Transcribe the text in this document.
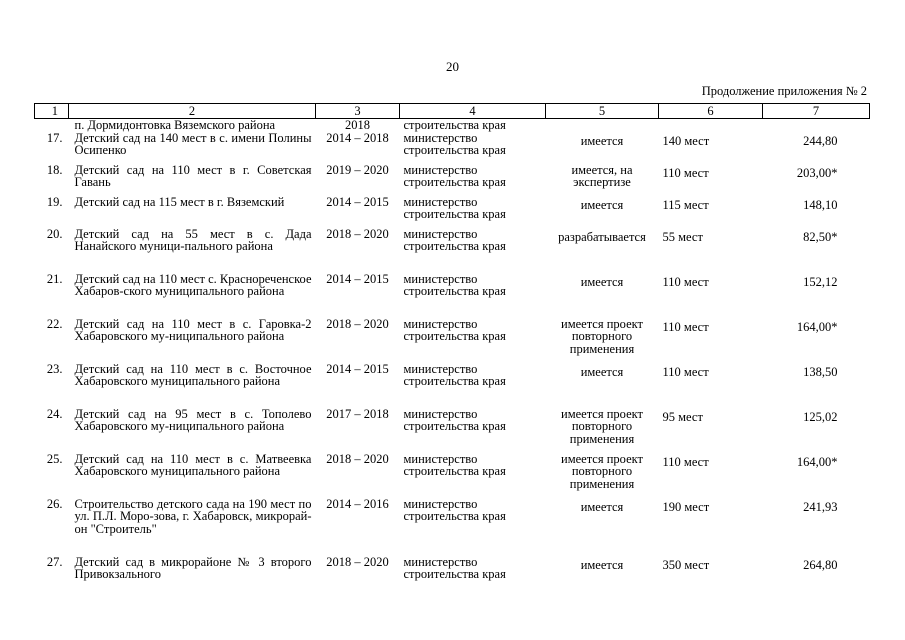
20
Продолжение приложения № 2
1	2	3	4	5	6	7
	п. Дормидонтовка Вяземского района	2018	строительства края			
17.	Детский сад на 140 мест в с. имени Полины Осипенко	2014 – 2018	министерство строительства края	имеется	140 мест	244,80
18.	Детский сад на 110 мест в г. Советская Гавань	2019 – 2020	министерство строительства края	имеется, на экспертизе	110 мест	203,00*
19.	Детский сад на 115 мест в г. Вяземский	2014 – 2015	министерство строительства края	имеется	115 мест	148,10
20.	Детский сад на 55 мест в с. Дада Нанайского муници-пального района	2018 – 2020	министерство строительства края	разрабатывается	55 мест	82,50*
21.	Детский сад на 110 мест с. Краснореченское Хабаров-ского муниципального района	2014 – 2015	министерство строительства края	имеется	110 мест	152,12
22.	Детский сад на 110 мест в с. Гаровка-2 Хабаровского му-ниципального района	2018 – 2020	министерство строительства края	имеется проект повторного применения	110 мест	164,00*
23.	Детский сад на 110 мест в с. Восточное Хабаровского муниципального района	2014 – 2015	министерство строительства края	имеется	110 мест	138,50
24.	Детский сад на 95 мест в с. Тополево Хабаровского му-ниципального района	2017 – 2018	министерство строительства края	имеется проект повторного применения	95 мест	125,02
25.	Детский сад на 110 мест в с. Матвеевка Хабаровского муниципального района	2018 – 2020	министерство строительства края	имеется проект повторного применения	110 мест	164,00*
26.	Строительство детского сада на 190 мест по ул. П.Л. Моро-зова, г. Хабаровск, микрорай-он "Строитель"	2014 – 2016	министерство строительства края	имеется	190 мест	241,93
27.	Детский сад в микрорайоне № 3 второго Привокзального	2018 – 2020	министерство строительства края	имеется	350 мест	264,80
